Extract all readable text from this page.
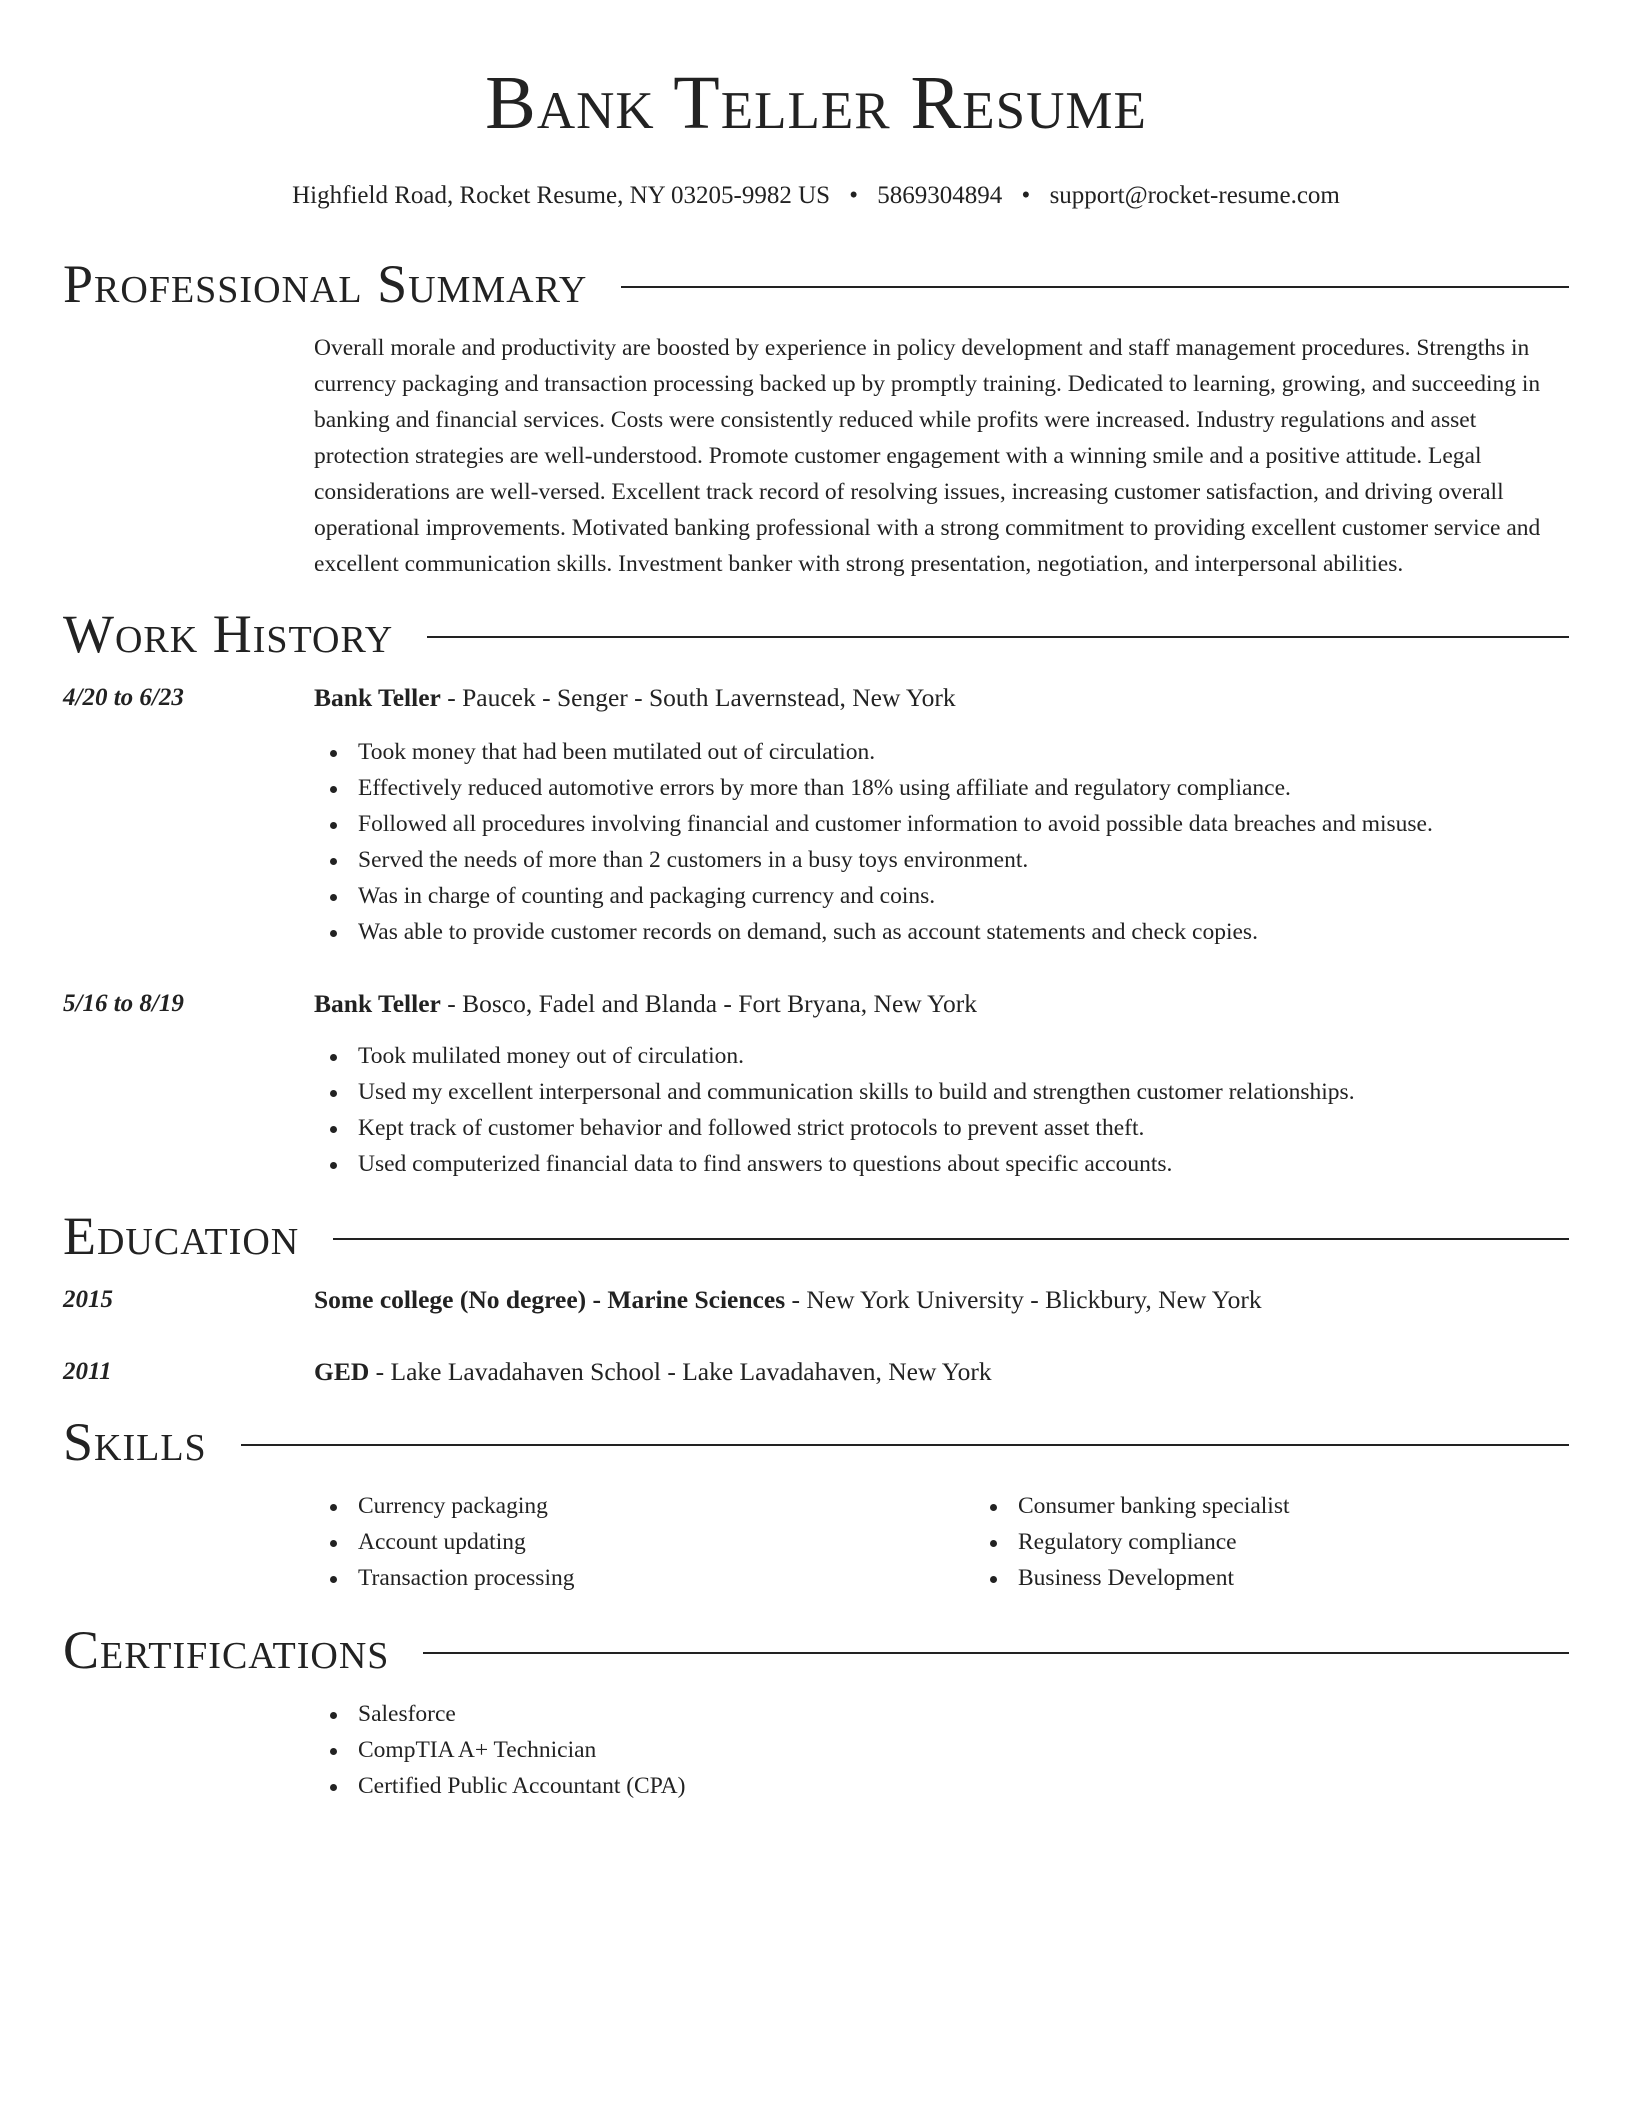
Bank Teller Resume
Highfield Road, Rocket Resume, NY 03205-9982 US • 5869304894 • support@rocket-resume.com
Professional Summary
Overall morale and productivity are boosted by experience in policy development and staff management procedures. Strengths in currency packaging and transaction processing backed up by promptly training. Dedicated to learning, growing, and succeeding in banking and financial services. Costs were consistently reduced while profits were increased. Industry regulations and asset protection strategies are well-understood. Promote customer engagement with a winning smile and a positive attitude. Legal considerations are well-versed. Excellent track record of resolving issues, increasing customer satisfaction, and driving overall operational improvements. Motivated banking professional with a strong commitment to providing excellent customer service and excellent communication skills. Investment banker with strong presentation, negotiation, and interpersonal abilities.
Work History
4/20 to 6/23	Bank Teller - Paucek - Senger - South Lavernstead, New York
Took money that had been mutilated out of circulation.
Effectively reduced automotive errors by more than 18% using affiliate and regulatory compliance.
Followed all procedures involving financial and customer information to avoid possible data breaches and misuse.
Served the needs of more than 2 customers in a busy toys environment.
Was in charge of counting and packaging currency and coins.
Was able to provide customer records on demand, such as account statements and check copies.
5/16 to 8/19	Bank Teller - Bosco, Fadel and Blanda - Fort Bryana, New York
Took mulilated money out of circulation.
Used my excellent interpersonal and communication skills to build and strengthen customer relationships.
Kept track of customer behavior and followed strict protocols to prevent asset theft.
Used computerized financial data to find answers to questions about specific accounts.
Education
2015	Some college (No degree) - Marine Sciences - New York University - Blickbury, New York
2011	GED - Lake Lavadahaven School - Lake Lavadahaven, New York
Skills
Currency packaging
Account updating
Transaction processing
Consumer banking specialist
Regulatory compliance
Business Development
Certifications
Salesforce
CompTIA A+ Technician
Certified Public Accountant (CPA)
